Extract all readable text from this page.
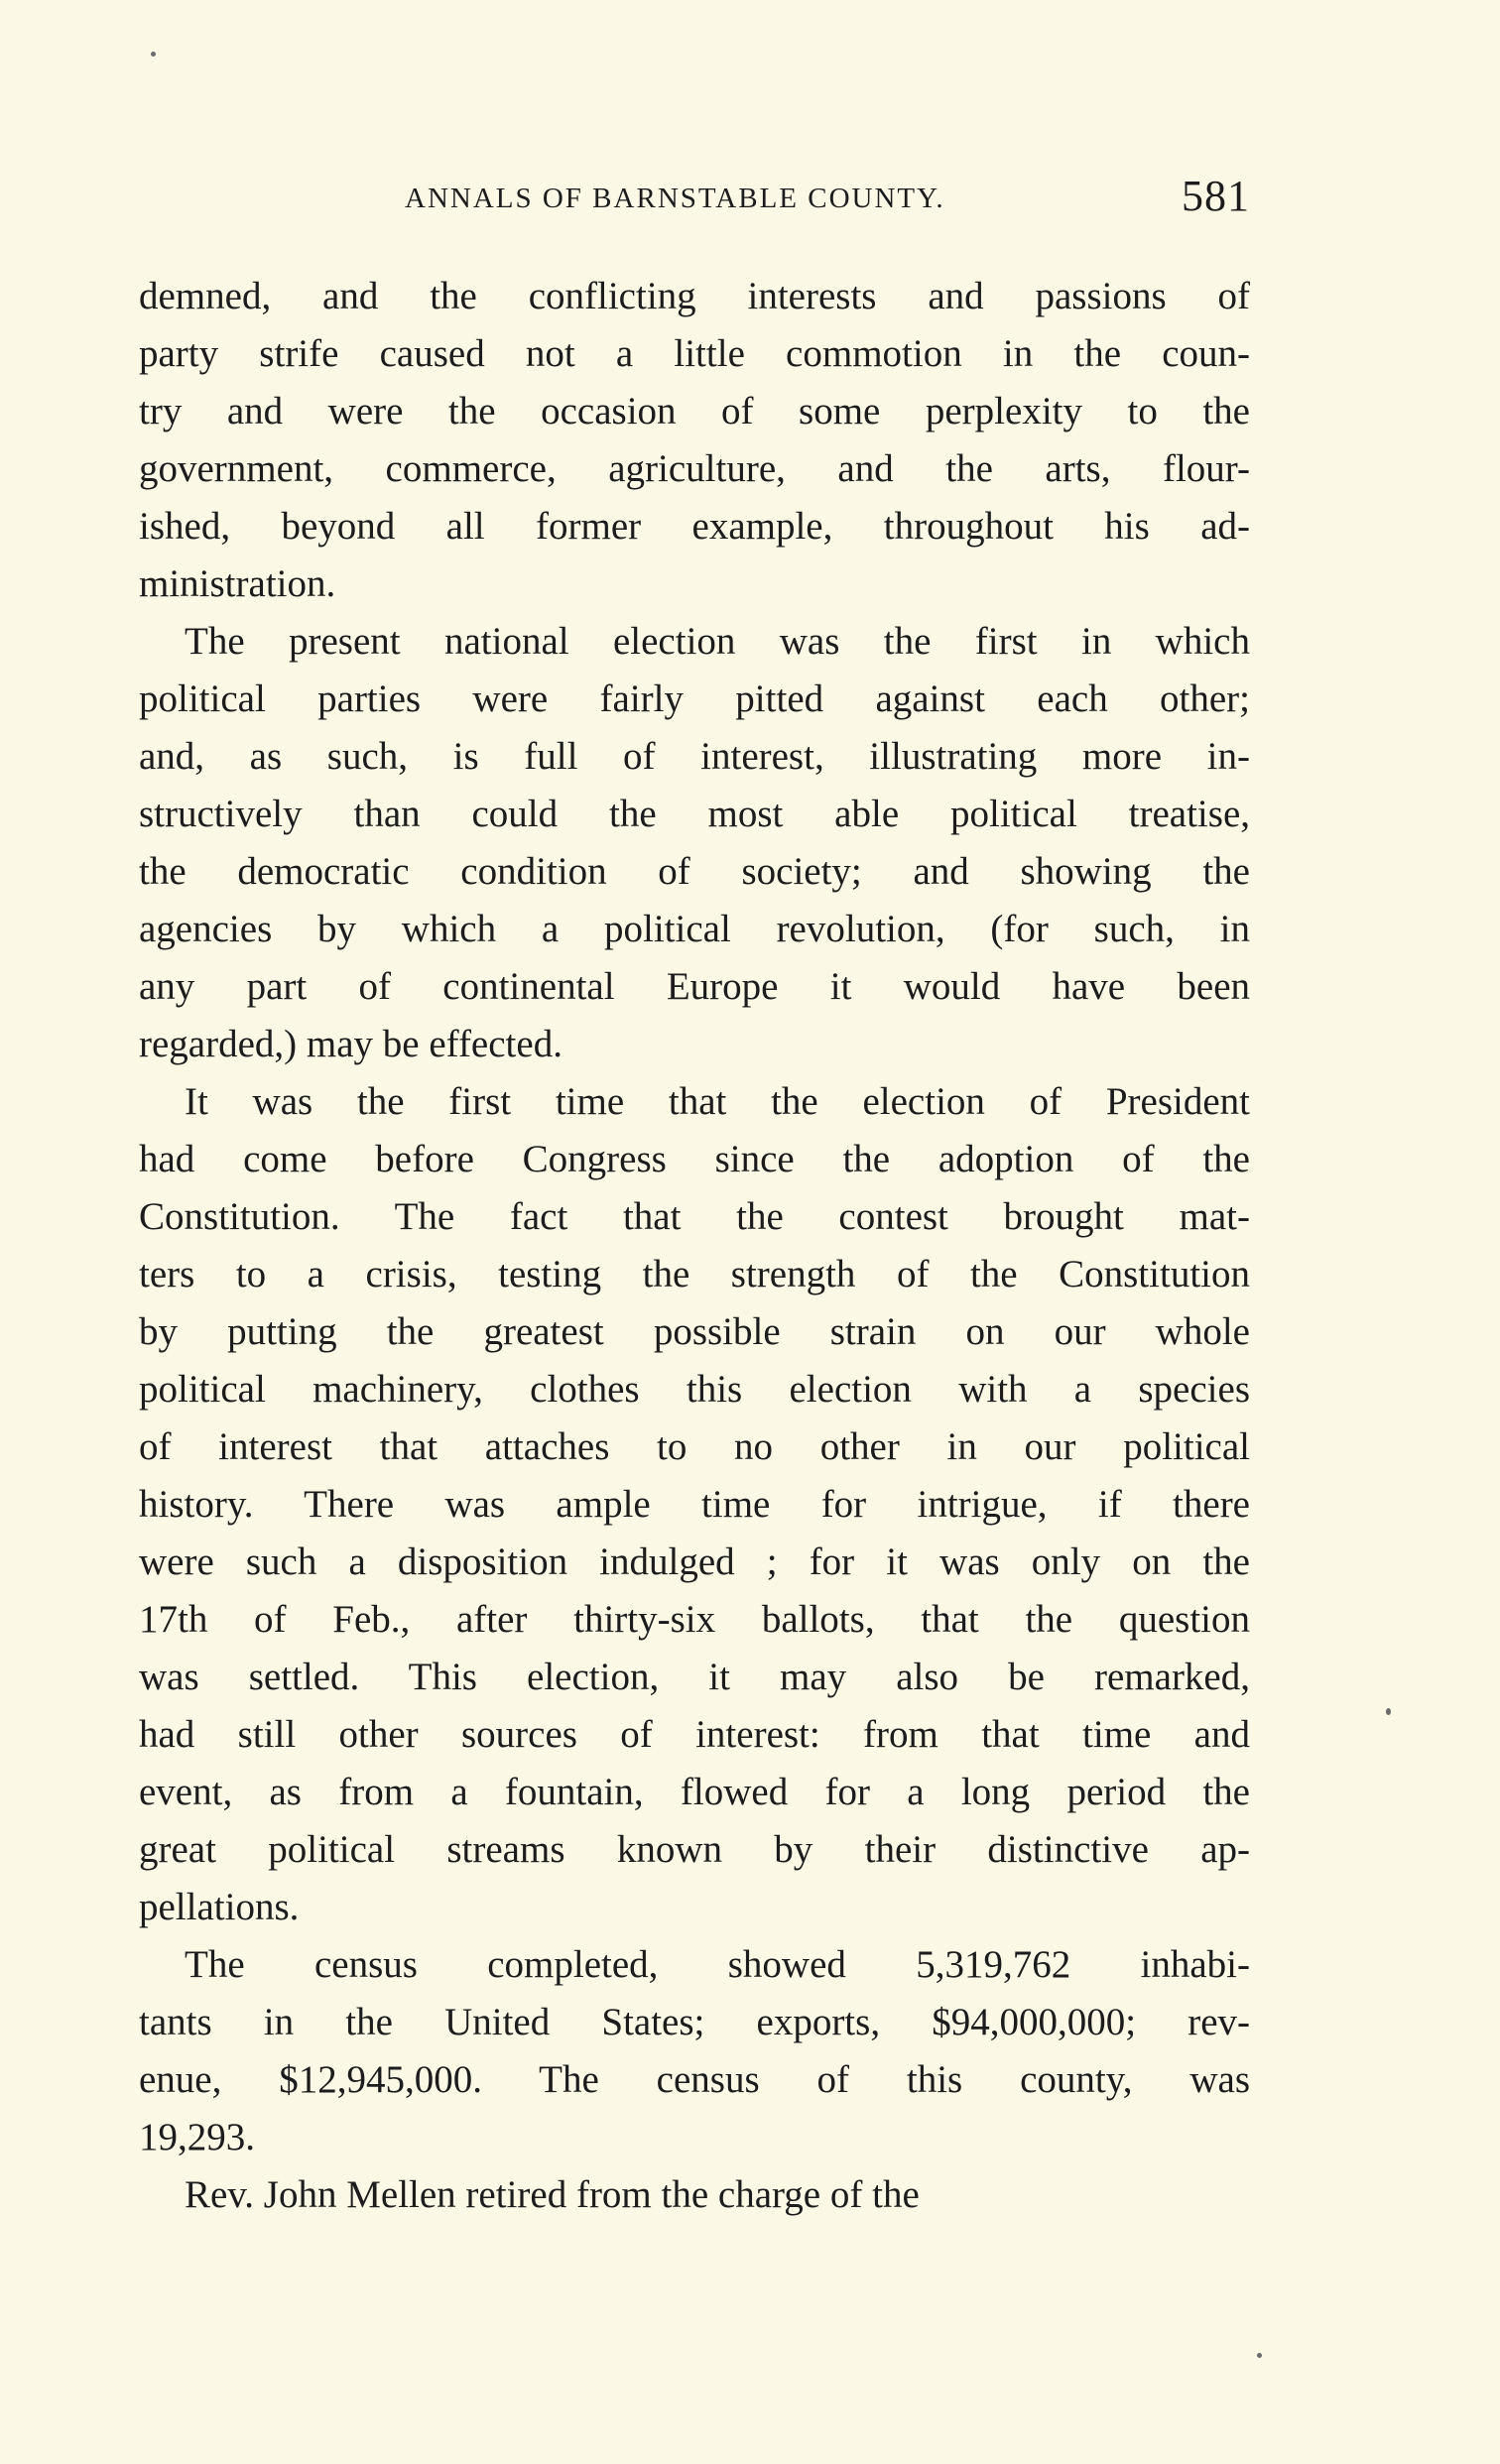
ANNALS OF BARNSTABLE COUNTY.	581
demned, and the conflicting interests and passions of
party strife caused not a little commotion in the coun-
try and were the occasion of some perplexity to the
government, commerce, agriculture, and the arts, flour-
ished, beyond all former example, throughout his ad-
ministration.
The present national election was the first in which
political parties were fairly pitted against each other;
and, as such, is full of interest, illustrating more in-
structively than could the most able political treatise,
the democratic condition of society; and showing the
agencies by which a political revolution, (for such, in
any part of continental Europe it would have been
regarded,) may be effected.
It was the first time that the election of President
had come before Congress since the adoption of the
Constitution. The fact that the contest brought mat-
ters to a crisis, testing the strength of the Constitution
by putting the greatest possible strain on our whole
political machinery, clothes this election with a species
of interest that attaches to no other in our political
history. There was ample time for intrigue, if there
were such a disposition indulged ; for it was only on the
17th of Feb., after thirty-six ballots, that the question
was settled. This election, it may also be remarked,
had still other sources of interest: from that time and
event, as from a fountain, flowed for a long period the
great political streams known by their distinctive ap-
pellations.
The census completed, showed 5,319,762 inhabi-
tants in the United States; exports, $94,000,000; rev-
enue, $12,945,000. The census of this county, was
19,293.
Rev. John Mellen retired from the charge of the
